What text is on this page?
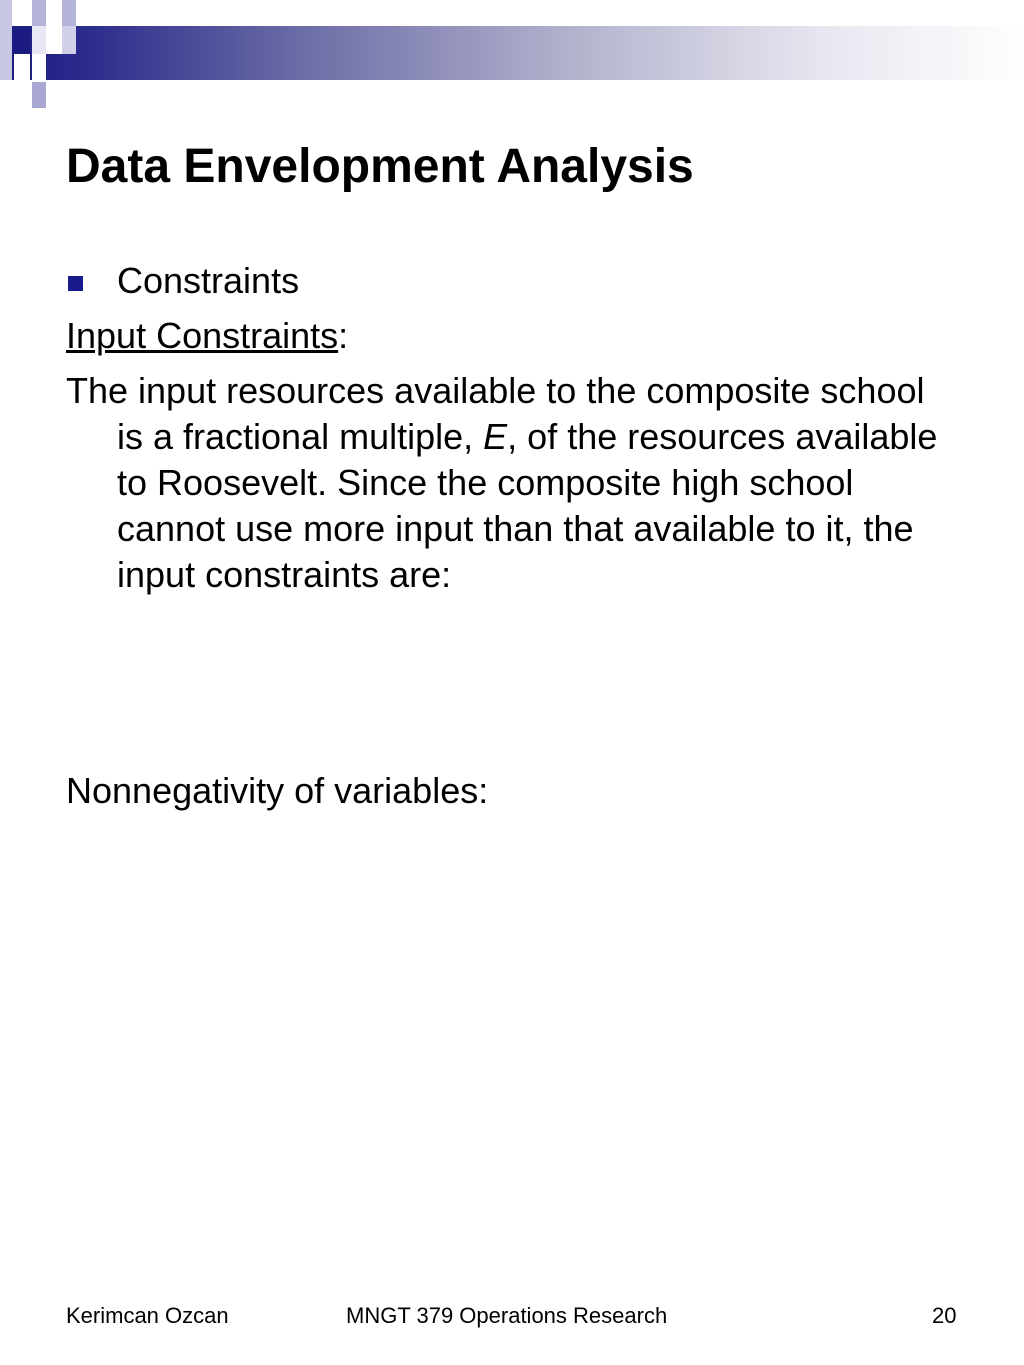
Data Envelopment Analysis
Constraints
Input Constraints:
The input resources available to the composite school is a fractional multiple, E, of the resources available to Roosevelt. Since the composite high school cannot use more input than that available to it, the input constraints are:
Nonnegativity of variables:
Kerimcan Ozcan	MNGT 379 Operations Research	20
